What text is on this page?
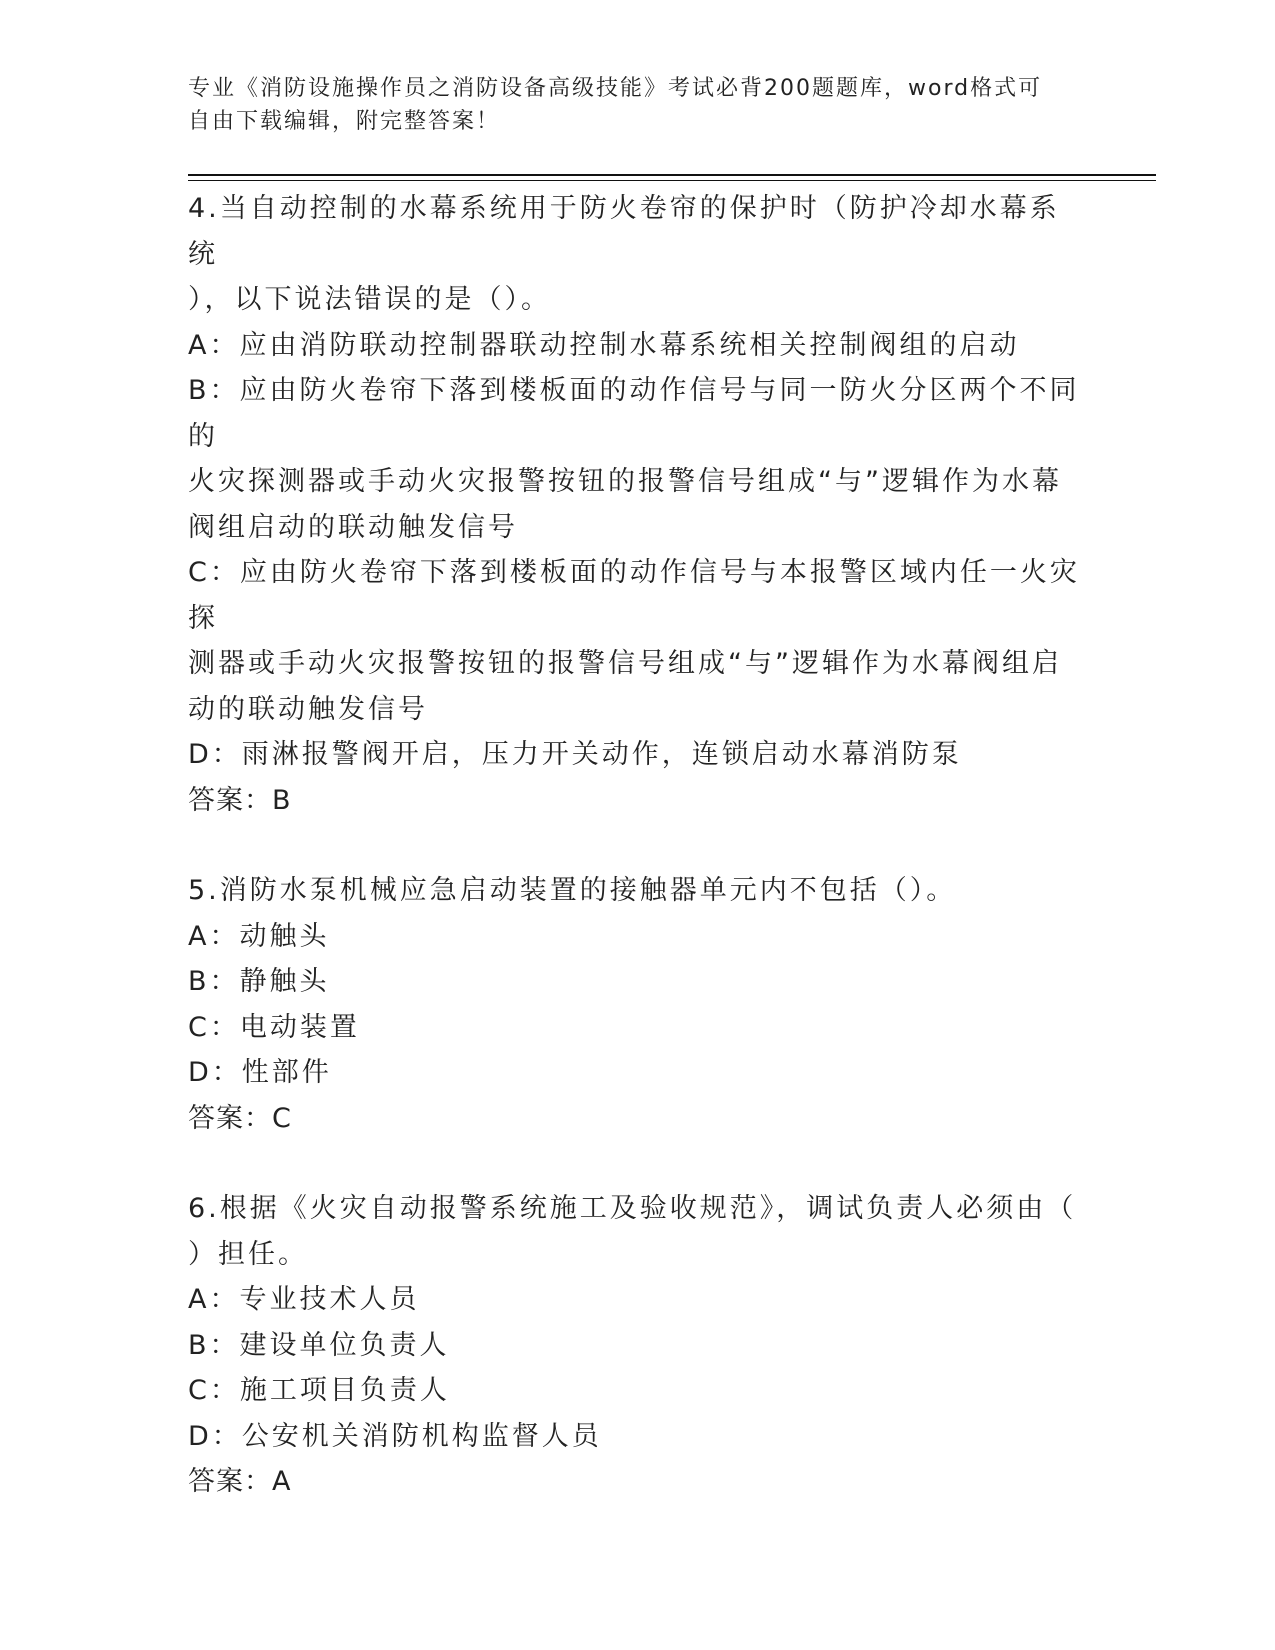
专业《消防设施操作员之消防设备高级技能》考试必背200题题库，word格式可
自由下载编辑，附完整答案！

4.当自动控制的水幕系统用于防火卷帘的保护时（防护冷却水幕系统

），以下说法错误的是（）。

A：应由消防联动控制器联动控制水幕系统相关控制阀组的启动

B：应由防火卷帘下落到楼板面的动作信号与同一防火分区两个不同的

火灾探测器或手动火灾报警按钮的报警信号组成“与”逻辑作为水幕

阀组启动的联动触发信号

C：应由防火卷帘下落到楼板面的动作信号与本报警区域内任一火灾探

测器或手动火灾报警按钮的报警信号组成“与”逻辑作为水幕阀组启

动的联动触发信号

D：雨淋报警阀开启，压力开关动作，连锁启动水幕消防泵

答案：B

5.消防水泵机械应急启动装置的接触器单元内不包括（）。

A：动触头

B：静触头

C：电动装置

D：性部件

答案：C

6.根据《火灾自动报警系统施工及验收规范》，调试负责人必须由（

）担任。

A：专业技术人员

B：建设单位负责人

C：施工项目负责人

D：公安机关消防机构监督人员

答案：A
